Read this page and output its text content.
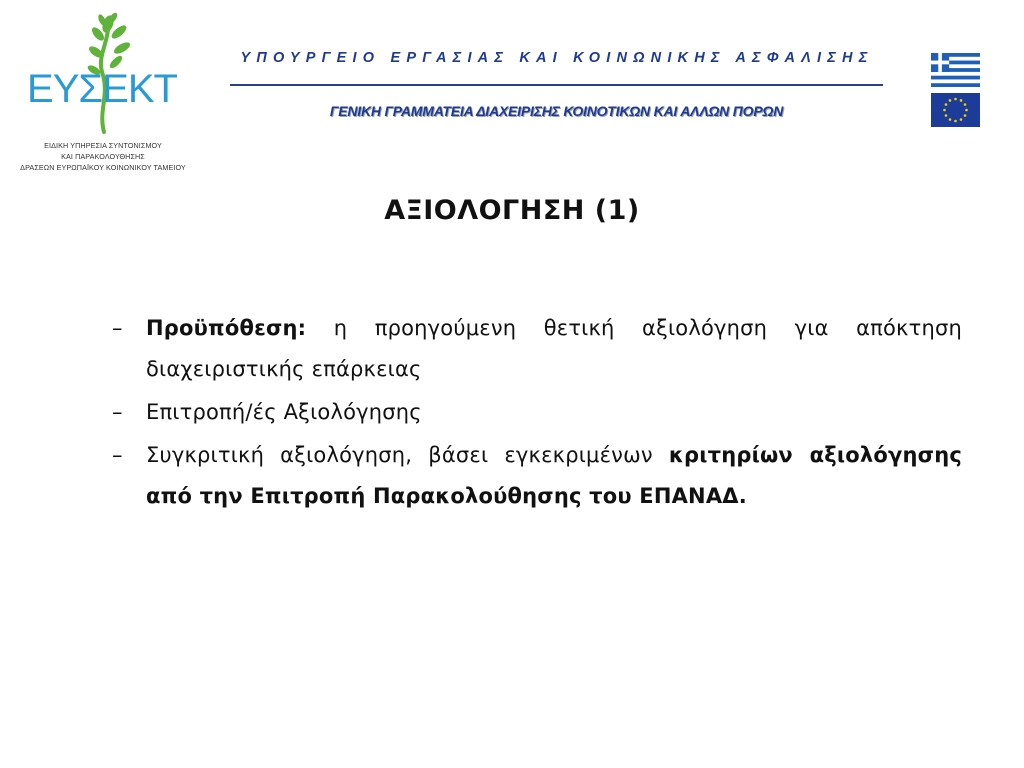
ΕΥΣΕΚΤ
ΕΙΔΙΚΗ ΥΠΗΡΕΣΙΑ ΣΥΝΤΟΝΙΣΜΟΥ
ΚΑΙ ΠΑΡΑΚΟΛΟΥΘΗΣΗΣ
ΔΡΑΣΕΩΝ ΕΥΡΩΠΑΪΚΟΥ ΚΟΙΝΩΝΙΚΟΥ ΤΑΜΕΙΟΥ
ΥΠΟΥΡΓΕΙΟ ΕΡΓΑΣΙΑΣ ΚΑΙ ΚΟΙΝΩΝΙΚΗΣ ΑΣΦΑΛΙΣΗΣ
ΓΕΝΙΚΗ ΓΡΑΜΜΑΤΕΙΑ ΔΙΑΧΕΙΡΙΣΗΣ ΚΟΙΝΟΤΙΚΩΝ ΚΑΙ ΑΛΛΩΝ ΠΟΡΩΝ
ΑΞΙΟΛΟΓΗΣΗ (1)
–	Προϋπόθεση: η προηγούμενη θετική αξιολόγηση για απόκτηση διαχειριστικής επάρκειας
–	Επιτροπή/ές Αξιολόγησης
–	Συγκριτική αξιολόγηση, βάσει εγκεκριμένων κριτηρίων αξιολόγησης από την Επιτροπή Παρακολούθησης του ΕΠΑΝΑΔ.
